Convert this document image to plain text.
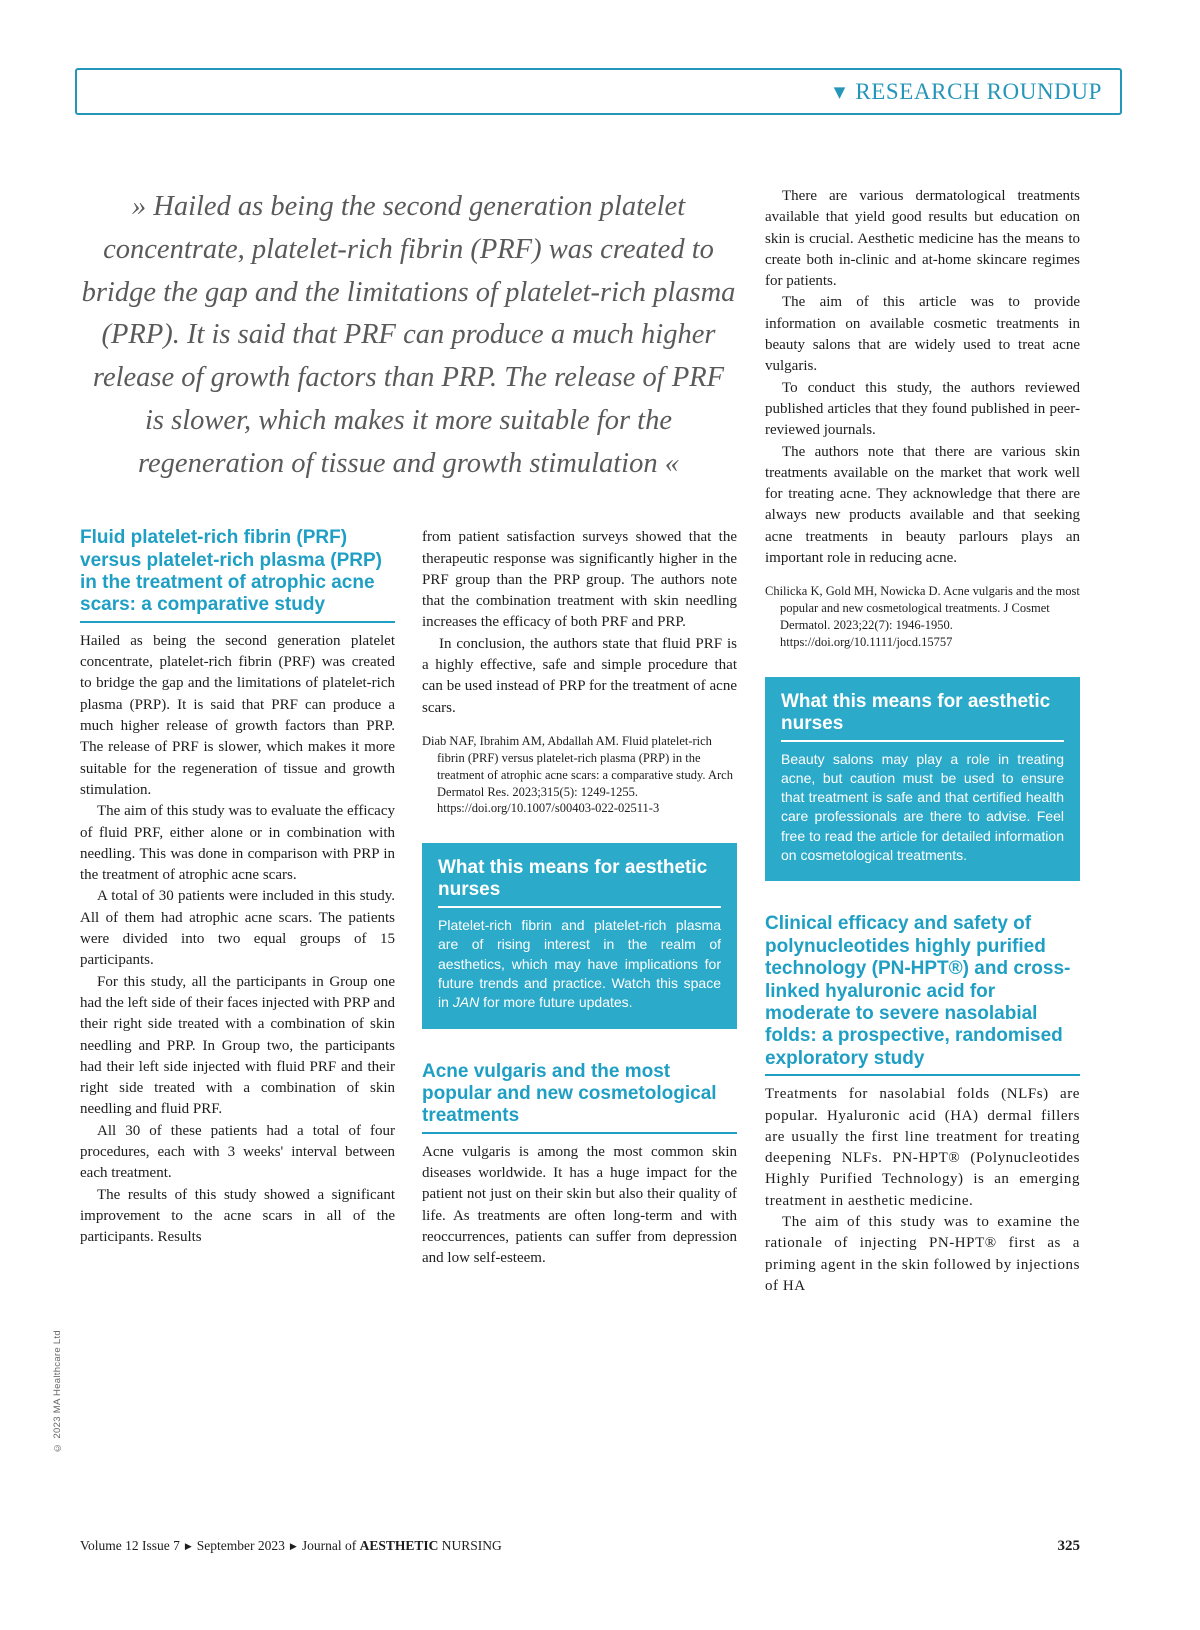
▼ RESEARCH ROUNDUP
» Hailed as being the second generation platelet concentrate, platelet-rich fibrin (PRF) was created to bridge the gap and the limitations of platelet-rich plasma (PRP). It is said that PRF can produce a much higher release of growth factors than PRP. The release of PRF is slower, which makes it more suitable for the regeneration of tissue and growth stimulation «
Fluid platelet-rich fibrin (PRF) versus platelet-rich plasma (PRP) in the treatment of atrophic acne scars: a comparative study

Hailed as being the second generation platelet concentrate, platelet-rich fibrin (PRF) was created to bridge the gap and the limitations of platelet-rich plasma (PRP). It is said that PRF can produce a much higher release of growth factors than PRP. The release of PRF is slower, which makes it more suitable for the regeneration of tissue and growth stimulation.

The aim of this study was to evaluate the efficacy of fluid PRF, either alone or in combination with needling. This was done in comparison with PRP in the treatment of atrophic acne scars.

A total of 30 patients were included in this study. All of them had atrophic acne scars. The patients were divided into two equal groups of 15 participants.

For this study, all the participants in Group one had the left side of their faces injected with PRP and their right side treated with a combination of skin needling and PRP. In Group two, the participants had their left side injected with fluid PRF and their right side treated with a combination of skin needling and fluid PRF.

All 30 of these patients had a total of four procedures, each with 3 weeks' interval between each treatment.

The results of this study showed a significant improvement to the acne scars in all of the participants. Results

from patient satisfaction surveys showed that the therapeutic response was significantly higher in the PRF group than the PRP group. The authors note that the combination treatment with skin needling increases the efficacy of both PRF and PRP.

In conclusion, the authors state that fluid PRF is a highly effective, safe and simple procedure that can be used instead of PRP for the treatment of acne scars.

Diab NAF, Ibrahim AM, Abdallah AM. Fluid platelet-rich fibrin (PRF) versus platelet-rich plasma (PRP) in the treatment of atrophic acne scars: a comparative study. Arch Dermatol Res. 2023;315(5): 1249-1255. https://doi.org/10.1007/s00403-022-02511-3

What this means for aesthetic nurses
Platelet-rich fibrin and platelet-rich plasma are of rising interest in the realm of aesthetics, which may have implications for future trends and practice. Watch this space in JAN for more future updates.
Acne vulgaris and the most popular and new cosmetological treatments

Acne vulgaris is among the most common skin diseases worldwide. It has a huge impact for the patient not just on their skin but also their quality of life. As treatments are often long-term and with reoccurrences, patients can suffer from depression and low self-esteem.

There are various dermatological treatments available that yield good results but education on skin is crucial. Aesthetic medicine has the means to create both in-clinic and at-home skincare regimes for patients.

The aim of this article was to provide information on available cosmetic treatments in beauty salons that are widely used to treat acne vulgaris.

To conduct this study, the authors reviewed published articles that they found published in peer-reviewed journals.

The authors note that there are various skin treatments available on the market that work well for treating acne. They acknowledge that there are always new products available and that seeking acne treatments in beauty parlours plays an important role in reducing acne.

Chilicka K, Gold MH, Nowicka D. Acne vulgaris and the most popular and new cosmetological treatments. J Cosmet Dermatol. 2023;22(7): 1946-1950. https://doi.org/10.1111/jocd.15757

What this means for aesthetic nurses
Beauty salons may play a role in treating acne, but caution must be used to ensure that treatment is safe and that certified health care professionals are there to advise. Feel free to read the article for detailed information on cosmetological treatments.
Clinical efficacy and safety of polynucleotides highly purified technology (PN-HPT®) and cross-linked hyaluronic acid for moderate to severe nasolabial folds: a prospective, randomised exploratory study

Treatments for nasolabial folds (NLFs) are popular. Hyaluronic acid (HA) dermal fillers are usually the first line treatment for treating deepening NLFs. PN-HPT® (Polynucleotides Highly Purified Technology) is an emerging treatment in aesthetic medicine.

The aim of this study was to examine the rationale of injecting PN-HPT® first as a priming agent in the skin followed by injections of HA

© 2023 MA Healthcare Ltd
Volume 12 Issue 7 ▶ September 2023 ▶ Journal of AESTHETIC NURSING	325
